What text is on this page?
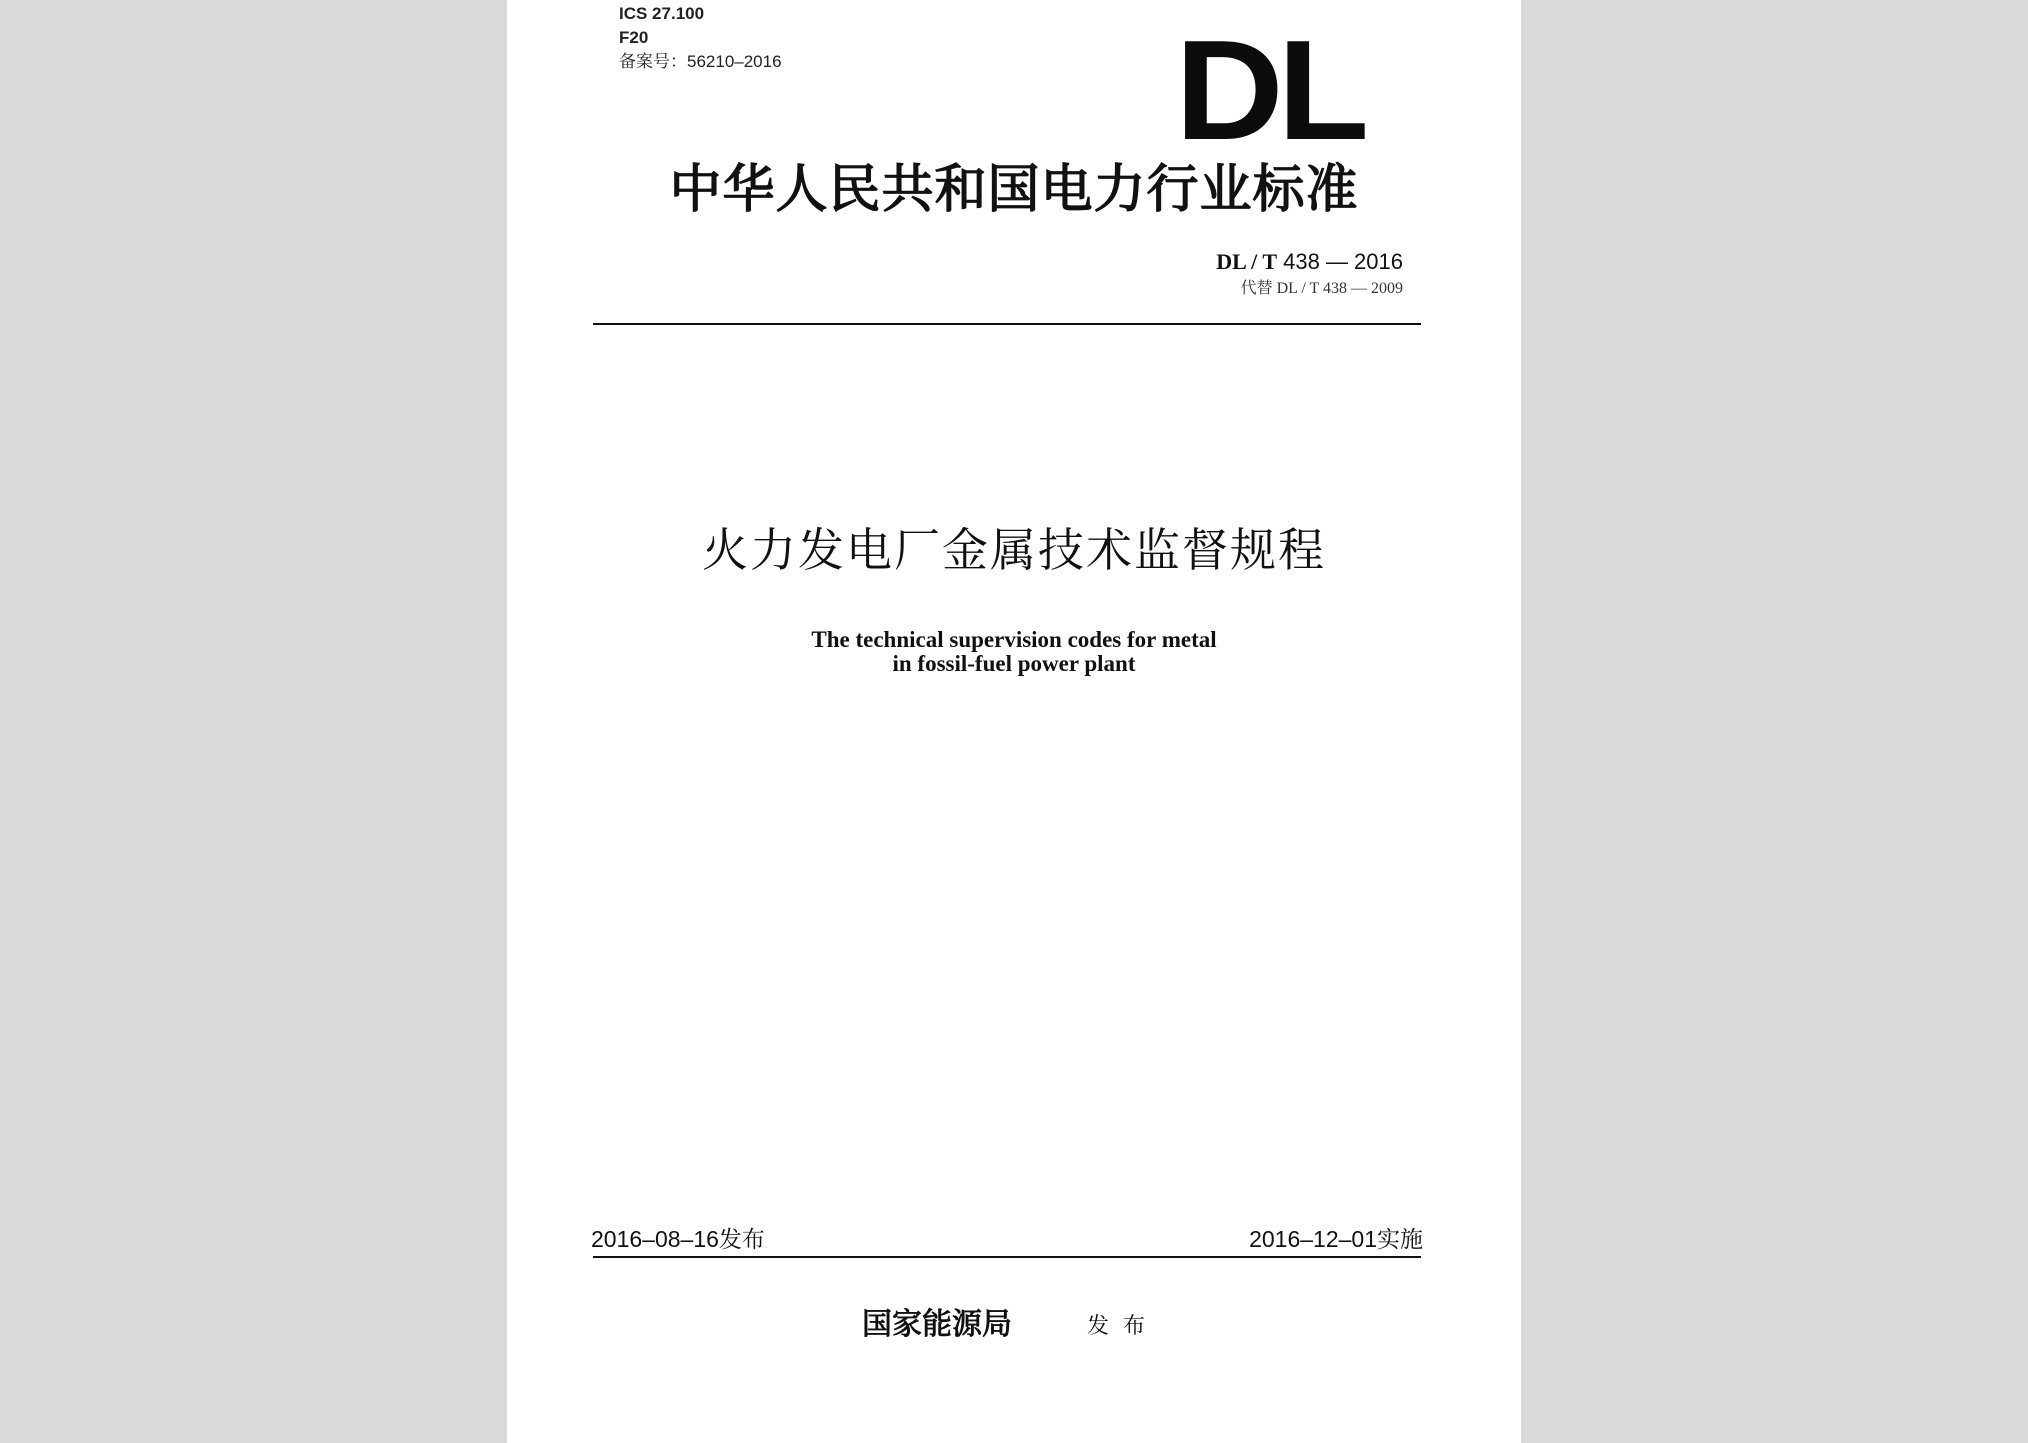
ICS 27.100
F20
备案号：56210–2016	DL
中华人民共和国电力行业标准
DL / T 438 — 2016
代替 DL / T 438 — 2009
火力发电厂金属技术监督规程
The technical supervision codes for metal
in fossil-fuel power plant
2016–08–16发布	2016–12–01实施
国家能源局	发布
